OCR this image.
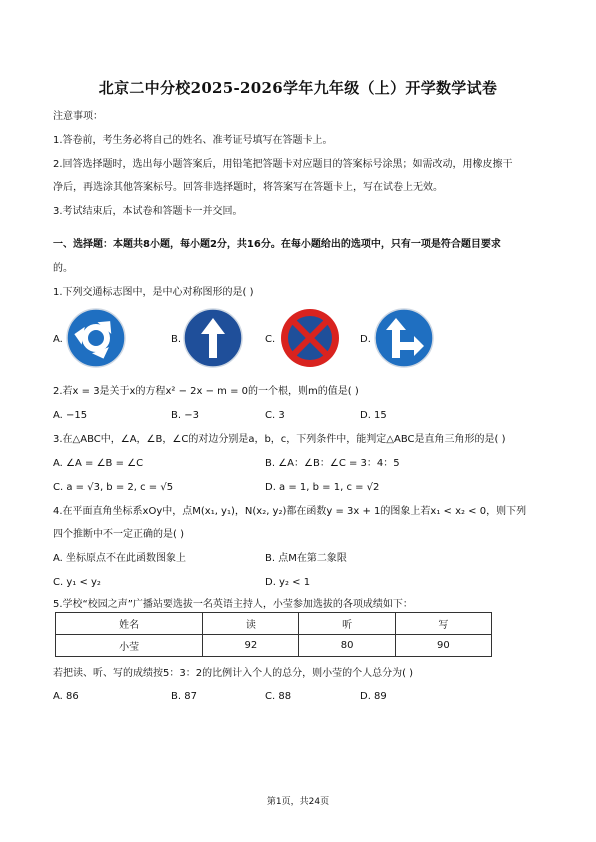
北京二中分校2025-2026学年九年级（上）开学数学试卷
注意事项：
1.答卷前，考生务必将自己的姓名、准考证号填写在答题卡上。
2.回答选择题时，选出每小题答案后，用铅笔把答题卡对应题目的答案标号涂黑；如需改动，用橡皮擦干
净后，再选涂其他答案标号。回答非选择题时，将答案写在答题卡上，写在试卷上无效。
3.考试结束后，本试卷和答题卡一并交回。
一、选择题：本题共8小题，每小题2分，共16分。在每小题给出的选项中，只有一项是符合题目要求
的。
1.下列交通标志图中，是中心对称图形的是( )
A.	B.	C.	D.
2.若x = 3是关于x的方程x² − 2x − m = 0的一个根，则m的值是( )
A. −15	B. −3	C. 3	D. 15
3.在△ABC中，∠A，∠B，∠C的对边分别是a，b，c，下列条件中，能判定△ABC是直角三角形的是( )
A. ∠A = ∠B = ∠C	B. ∠A：∠B：∠C = 3：4：5
C. a = √3, b = 2, c = √5	D. a = 1, b = 1, c = √2
4.在平面直角坐标系xOy中，点M(x₁, y₁)，N(x₂, y₂)都在函数y = 3x + 1的图象上若x₁ < x₂ < 0，则下列
四个推断中不一定正确的是( )
A. 坐标原点不在此函数图象上	B. 点M在第二象限
C. y₁ < y₂	D. y₂ < 1
5.学校“校园之声”广播站要选拔一名英语主持人，小莹参加选拔的各项成绩如下：
姓名	读	听	写
小莹	92	80	90
若把读、听、写的成绩按5：3：2的比例计入个人的总分，则小莹的个人总分为( )
A. 86	B. 87	C. 88	D. 89
第1页，共24页
